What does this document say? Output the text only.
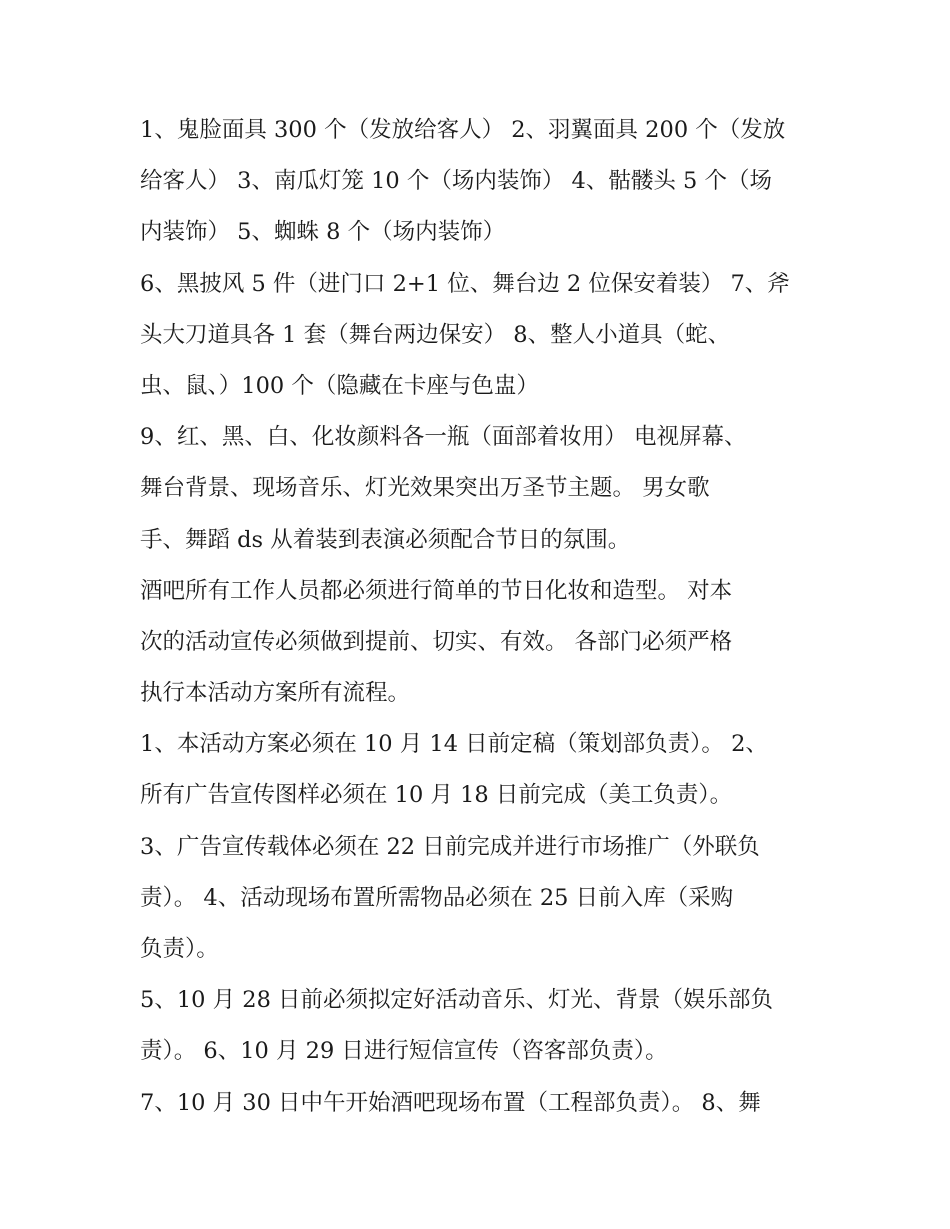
1、鬼脸面具 300 个（发放给客人） 2、羽翼面具 200 个（发放
给客人） 3、南瓜灯笼 10 个（场内装饰） 4、骷髅头 5 个（场
内装饰） 5、蜘蛛 8 个（场内装饰）
6、黑披风 5 件（进门口 2+1 位、舞台边 2 位保安着装） 7、斧
头大刀道具各 1 套（舞台两边保安） 8、整人小道具（蛇、
虫、鼠、）100 个（隐藏在卡座与色盅）
9、红、黑、白、化妆颜料各一瓶（面部着妆用） 电视屏幕、
舞台背景、现场音乐、灯光效果突出万圣节主题。 男女歌
手、舞蹈 ds 从着装到表演必须配合节日的氛围。
酒吧所有工作人员都必须进行简单的节日化妆和造型。 对本
次的活动宣传必须做到提前、切实、有效。 各部门必须严格
执行本活动方案所有流程。
1、本活动方案必须在 10 月 14 日前定稿（策划部负责）。 2、
所有广告宣传图样必须在 10 月 18 日前完成（美工负责）。
3、广告宣传载体必须在 22 日前完成并进行市场推广（外联负
责）。 4、活动现场布置所需物品必须在 25 日前入库（采购
负责）。
5、10 月 28 日前必须拟定好活动音乐、灯光、背景（娱乐部负
责）。 6、10 月 29 日进行短信宣传（咨客部负责）。
7、10 月 30 日中午开始酒吧现场布置（工程部负责）。 8、舞
